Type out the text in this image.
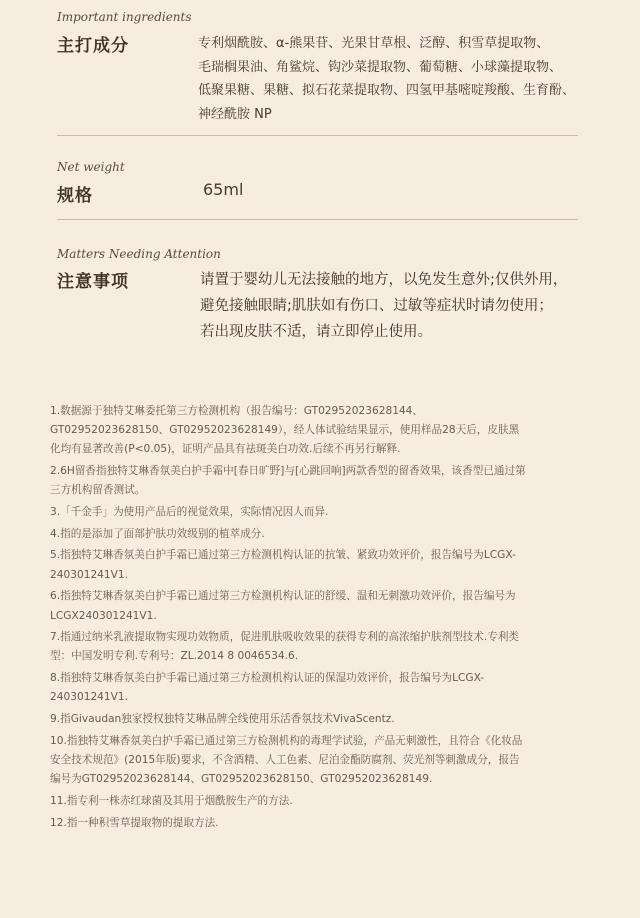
Important ingredients
主打成分	专利烟酰胺、α-熊果苷、光果甘草根、泛醇、积雪草提取物、
毛瑞榈果油、角鲨烷、钩沙菜提取物、葡萄糖、小球藻提取物、
低聚果糖、果糖、拟石花菜提取物、四氢甲基嘧啶羧酸、生育酚、
神经酰胺 NP
Net weight
规格	65ml
Matters Needing Attention
注意事项	请置于婴幼儿无法接触的地方，以免发生意外;仅供外用，
避免接触眼睛;肌肤如有伤口、过敏等症状时请勿使用；
若出现皮肤不适，请立即停止使用。
1.数据源于独特艾琳委托第三方检测机构（报告编号：GT02952023628144、
GT02952023628150、GT02952023628149），经人体试验结果显示，使用样品28天后，皮肤黑
化均有显著改善(P<0.05)，证明产品具有祛斑美白功效.后续不再另行解释.
2.6H留香指独特艾琳香氛美白护手霜中[春日旷野]与[心跳回响]两款香型的留香效果，该香型已通过第
三方机构留香测试。
3.「千金手」为使用产品后的视觉效果，实际情况因人而异.
4.指的是添加了面部护肤功效级别的植萃成分.
5.指独特艾琳香氛美白护手霜已通过第三方检测机构认证的抗皱、紧致功效评价，报告编号为LCGX-
240301241V1.
6.指独特艾琳香氛美白护手霜已通过第三方检测机构认证的舒缓、温和无刺激功效评价，报告编号为
LCGX240301241V1.
7.指通过纳米乳液提取物实现功效物质，促进肌肤吸收效果的获得专利的高浓缩护肤剂型技术.专利类
型：中国发明专利.专利号：ZL.2014 8 0046534.6.
8.指独特艾琳香氛美白护手霜已通过第三方检测机构认证的保湿功效评价，报告编号为LCGX-
240301241V1.
9.指Givaudan独家授权独特艾琳品牌全线使用乐活香氛技术VivaScentz.
10.指独特艾琳香氛美白护手霜已通过第三方检测机构的毒理学试验，产品无刺激性，且符合《化妆品
安全技术规范》(2015年版)要求，不含酒精、人工色素、尼泊金酯防腐剂、荧光剂等刺激成分，报告
编号为GT02952023628144、GT02952023628150、GT02952023628149.
11.指专利一株赤红球菌及其用于烟酰胺生产的方法.
12.指一种积雪草提取物的提取方法.
